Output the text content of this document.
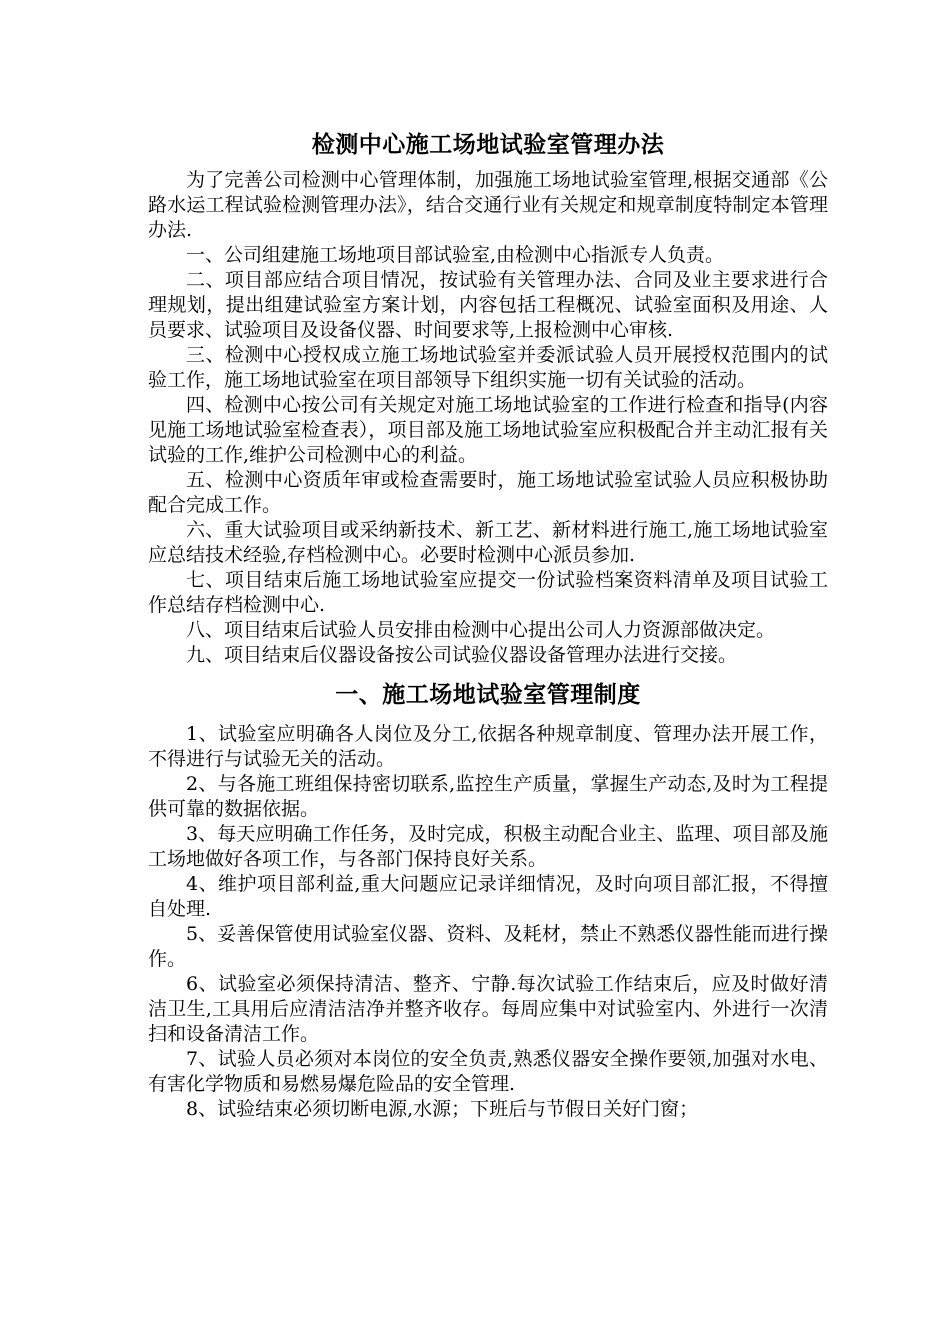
检测中心施工场地试验室管理办法

为了完善公司检测中心管理体制，加强施工场地试验室管理,根据交通部《公路水运工程试验检测管理办法》，结合交通行业有关规定和规章制度特制定本管理办法.

一、公司组建施工场地项目部试验室,由检测中心指派专人负责。

二、项目部应结合项目情况，按试验有关管理办法、合同及业主要求进行合理规划，提出组建试验室方案计划，内容包括工程概况、试验室面积及用途、人员要求、试验项目及设备仪器、时间要求等,上报检测中心审核.

三、检测中心授权成立施工场地试验室并委派试验人员开展授权范围内的试验工作，施工场地试验室在项目部领导下组织实施一切有关试验的活动。

四、检测中心按公司有关规定对施工场地试验室的工作进行检查和指导(内容见施工场地试验室检查表），项目部及施工场地试验室应积极配合并主动汇报有关试验的工作,维护公司检测中心的利益。

五、检测中心资质年审或检查需要时，施工场地试验室试验人员应积极协助配合完成工作。

六、重大试验项目或采纳新技术、新工艺、新材料进行施工,施工场地试验室应总结技术经验,存档检测中心。必要时检测中心派员参加.

七、项目结束后施工场地试验室应提交一份试验档案资料清单及项目试验工作总结存档检测中心.

八、项目结束后试验人员安排由检测中心提出公司人力资源部做决定。

九、项目结束后仪器设备按公司试验仪器设备管理办法进行交接。

一、施工场地试验室管理制度

1、试验室应明确各人岗位及分工,依据各种规章制度、管理办法开展工作，不得进行与试验无关的活动。

2、与各施工班组保持密切联系,监控生产质量，掌握生产动态,及时为工程提供可靠的数据依据。

3、每天应明确工作任务，及时完成，积极主动配合业主、监理、项目部及施工场地做好各项工作，与各部门保持良好关系。

4、维护项目部利益,重大问题应记录详细情况，及时向项目部汇报，不得擅自处理.

5、妥善保管使用试验室仪器、资料、及耗材，禁止不熟悉仪器性能而进行操作。

6、试验室必须保持清洁、整齐、宁静.每次试验工作结束后，应及时做好清洁卫生,工具用后应清洁洁净并整齐收存。每周应集中对试验室内、外进行一次清扫和设备清洁工作。

7、试验人员必须对本岗位的安全负责,熟悉仪器安全操作要领,加强对水电、有害化学物质和易燃易爆危险品的安全管理.

8、试验结束必须切断电源,水源；下班后与节假日关好门窗；
